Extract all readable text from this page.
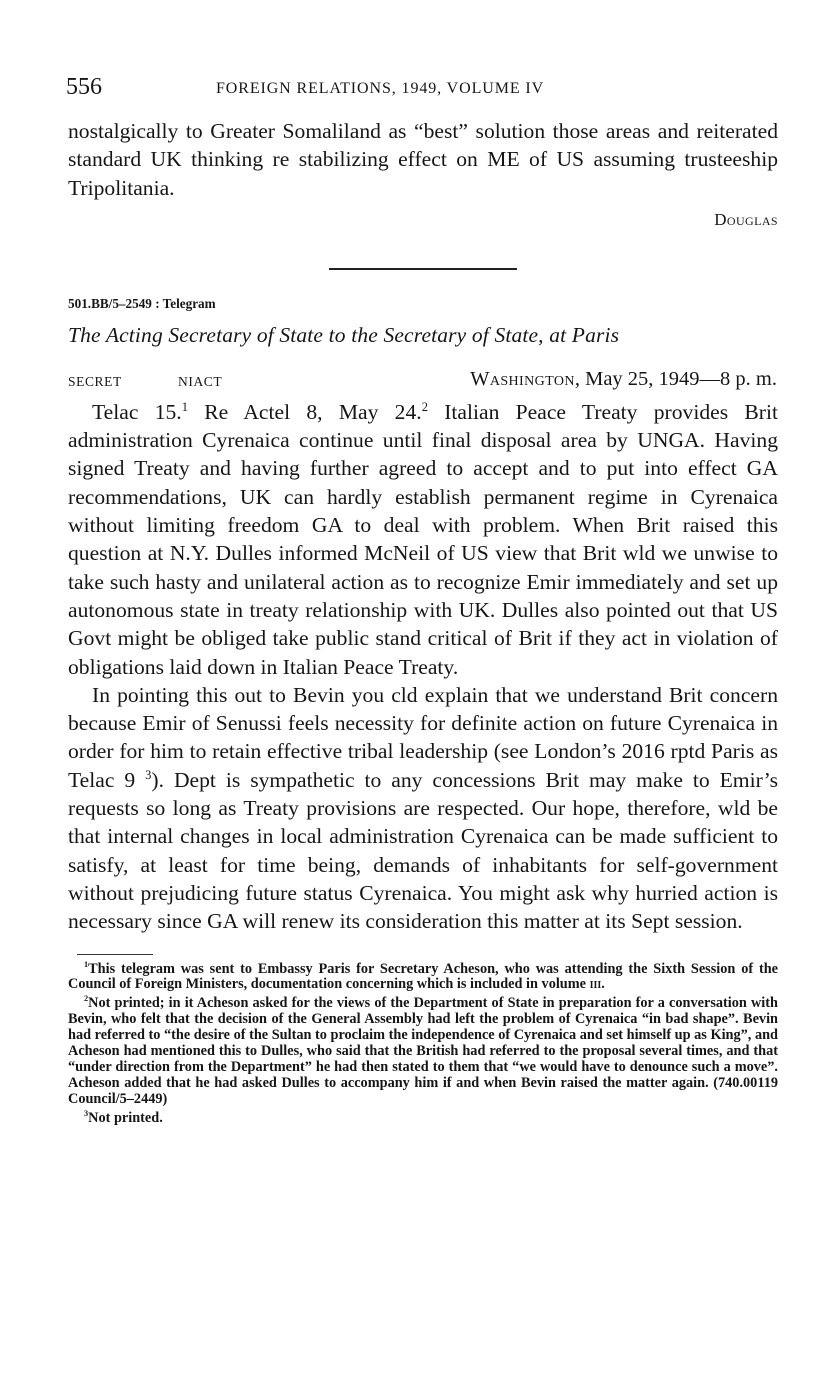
556	FOREIGN RELATIONS, 1949, VOLUME IV

nostalgically to Greater Somaliland as “best” solution those areas and reiterated standard UK thinking re stabilizing effect on ME of US assuming trusteeship Tripolitania.

Douglas
501.BB/5–2549 : Telegram
The Acting Secretary of State to the Secretary of State, at Paris
SECRET	NIACT	Washington, May 25, 1949—8 p. m.

Telac 15.$^1$ Re Actel 8, May 24.$^2$ Italian Peace Treaty provides Brit administration Cyrenaica continue until final disposal area by UNGA. Having signed Treaty and having further agreed to accept and to put into effect GA recommendations, UK can hardly establish permanent regime in Cyrenaica without limiting freedom GA to deal with problem. When Brit raised this question at N.Y. Dulles informed McNeil of US view that Brit wld we unwise to take such hasty and unilateral action as to recognize Emir immediately and set up autonomous state in treaty relationship with UK. Dulles also pointed out that US Govt might be obliged take public stand critical of Brit if they act in violation of obligations laid down in Italian Peace Treaty.

In pointing this out to Bevin you cld explain that we understand Brit concern because Emir of Senussi feels necessity for definite action on future Cyrenaica in order for him to retain effective tribal leadership (see London’s 2016 rptd Paris as Telac 9 $^3$). Dept is sympathetic to any concessions Brit may make to Emir’s requests so long as Treaty provisions are respected. Our hope, therefore, wld be that internal changes in local administration Cyrenaica can be made sufficient to satisfy, at least for time being, demands of inhabitants for self-government without prejudicing future status Cyrenaica. You might ask why hurried action is necessary since GA will renew its consideration this matter at its Sept session.

$^1$This telegram was sent to Embassy Paris for Secretary Acheson, who was attending the Sixth Session of the Council of Foreign Ministers, documentation concerning which is included in volume iii.

$^2$Not printed; in it Acheson asked for the views of the Department of State in preparation for a conversation with Bevin, who felt that the decision of the General Assembly had left the problem of Cyrenaica “in bad shape”. Bevin had referred to “the desire of the Sultan to proclaim the independence of Cyrenaica and set himself up as King”, and Acheson had mentioned this to Dulles, who said that the British had referred to the proposal several times, and that “under direction from the Department” he had then stated to them that “we would have to denounce such a move”. Acheson added that he had asked Dulles to accompany him if and when Bevin raised the matter again. (740.00119 Council/5–2449)

$^3$Not printed.
